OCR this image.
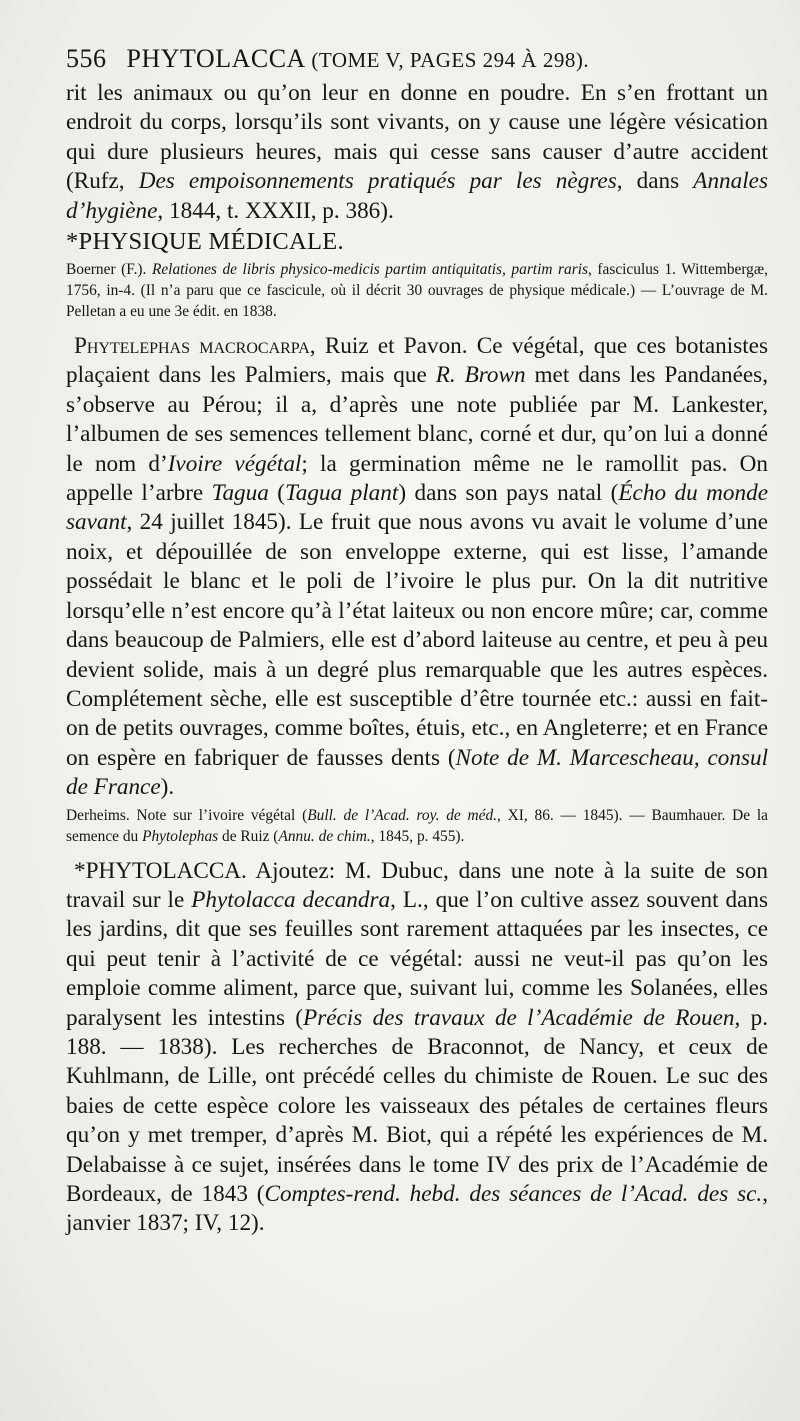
556 PHYTOLACCA (TOME V, PAGES 294 À 298).

rit les animaux ou qu’on leur en donne en poudre. En s’en frottant un endroit du corps, lorsqu’ils sont vivants, on y cause une légère vésication qui dure plusieurs heures, mais qui cesse sans causer d’autre accident (Rufz, Des empoisonnements pratiqués par les nègres, dans Annales d’hygiène, 1844, t. XXXII, p. 386).

*PHYSIQUE MÉDICALE.
Boerner (F.). Relationes de libris physico-medicis partim antiquitatis, partim raris, fasciculus 1. Wittembergæ, 1756, in-4. (Il n’a paru que ce fascicule, où il décrit 30 ouvrages de physique médicale.) — L’ouvrage de M. Pelletan a eu une 3e édit. en 1838.

Phytelephas macrocarpa, Ruiz et Pavon. Ce végétal, que ces botanistes plaçaient dans les Palmiers, mais que R. Brown met dans les Pandanées, s’observe au Pérou; il a, d’après une note publiée par M. Lankester, l’albumen de ses semences tellement blanc, corné et dur, qu’on lui a donné le nom d’Ivoire végétal; la germination même ne le ramollit pas. On appelle l’arbre Tagua (Tagua plant) dans son pays natal (Écho du monde savant, 24 juillet 1845). Le fruit que nous avons vu avait le volume d’une noix, et dépouillée de son enveloppe externe, qui est lisse, l’amande possédait le blanc et le poli de l’ivoire le plus pur. On la dit nutritive lorsqu’elle n’est encore qu’à l’état laiteux ou non encore mûre; car, comme dans beaucoup de Palmiers, elle est d’abord laiteuse au centre, et peu à peu devient solide, mais à un degré plus remarquable que les autres espèces. Complétement sèche, elle est susceptible d’être tournée etc.: aussi en fait-on de petits ouvrages, comme boîtes, étuis, etc., en Angleterre; et en France on espère en fabriquer de fausses dents (Note de M. Marcescheau, consul de France).

Derheims. Note sur l’ivoire végétal (Bull. de l’Acad. roy. de méd., XI, 86. — 1845). — Baumhauer. De la semence du Phytolephas de Ruiz (Annu. de chim., 1845, p. 455).

*PHYTOLACCA. Ajoutez: M. Dubuc, dans une note à la suite de son travail sur le Phytolacca decandra, L., que l’on cultive assez souvent dans les jardins, dit que ses feuilles sont rarement attaquées par les insectes, ce qui peut tenir à l’activité de ce végétal: aussi ne veut-il pas qu’on les emploie comme aliment, parce que, suivant lui, comme les Solanées, elles paralysent les intestins (Précis des travaux de l’Académie de Rouen, p. 188. — 1838). Les recherches de Braconnot, de Nancy, et ceux de Kuhlmann, de Lille, ont précédé celles du chimiste de Rouen. Le suc des baies de cette espèce colore les vaisseaux des pétales de certaines fleurs qu’on y met tremper, d’après M. Biot, qui a répété les expériences de M. Delabaisse à ce sujet, insérées dans le tome IV des prix de l’Académie de Bordeaux, de 1843 (Comptes-rend. hebd. des séances de l’Acad. des sc., janvier 1837; IV, 12).
